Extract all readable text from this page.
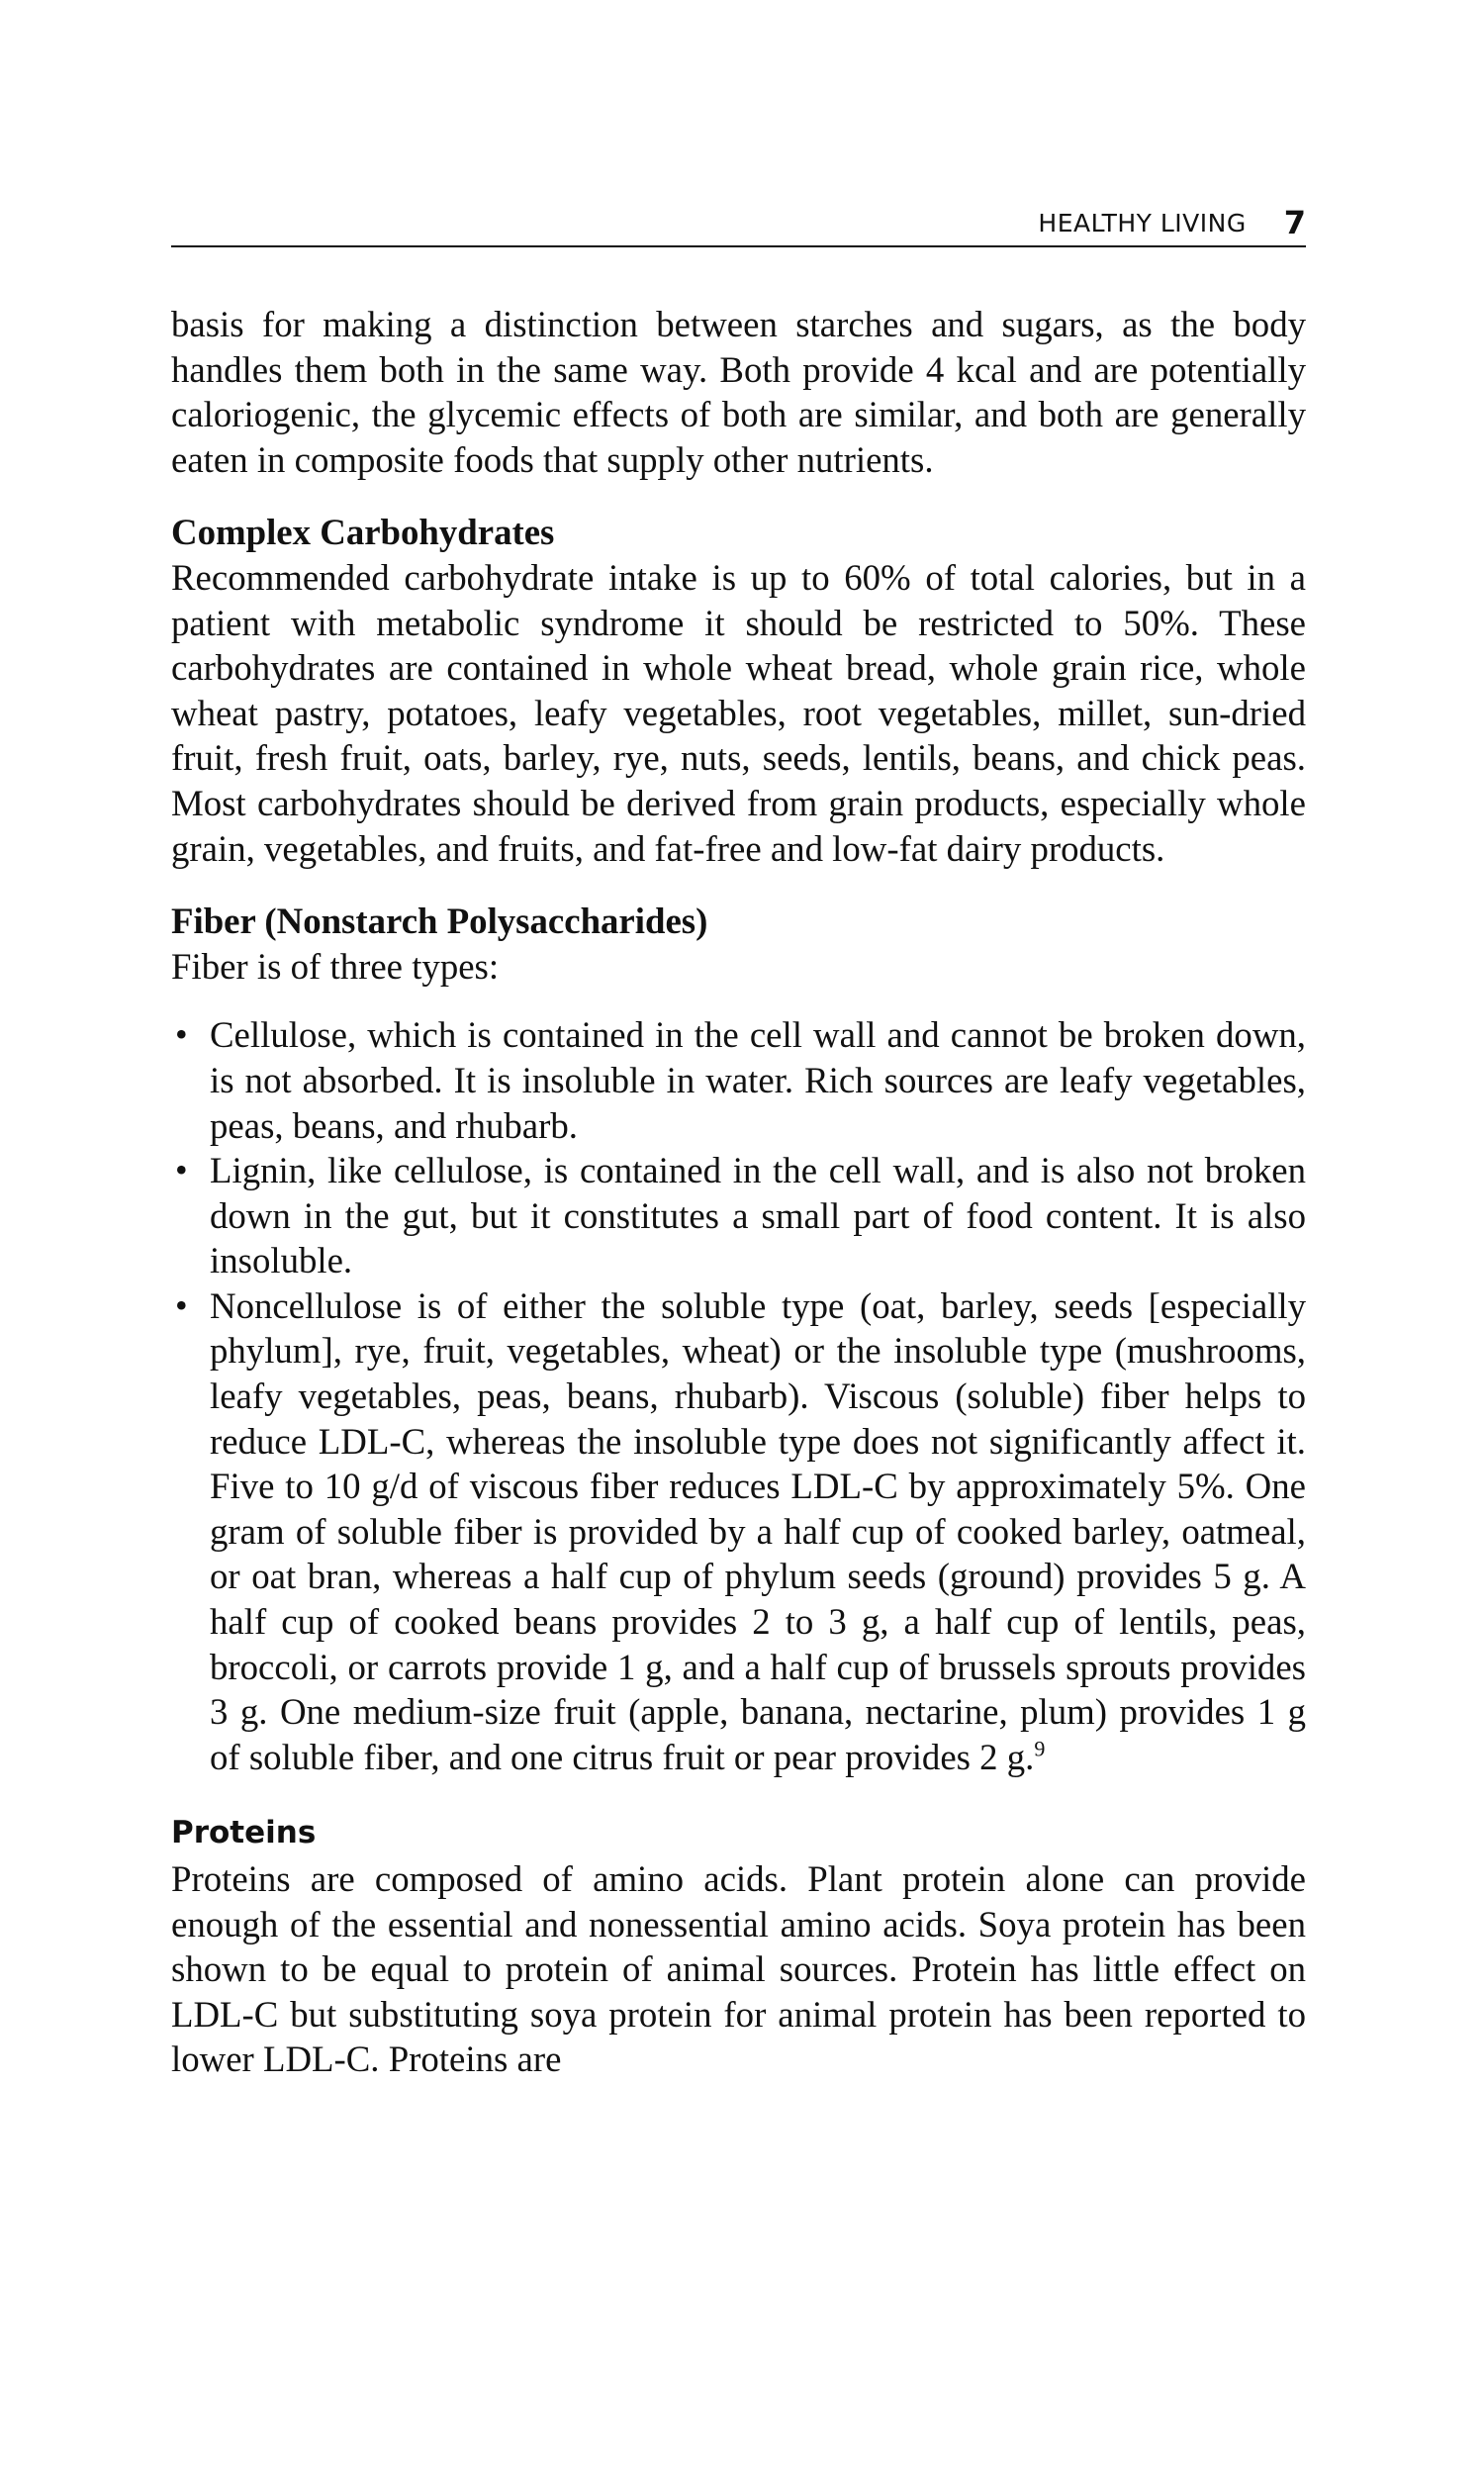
HEALTHY LIVING 7

basis for making a distinction between starches and sugars, as the body handles them both in the same way. Both provide 4 kcal and are potentially caloriogenic, the glycemic effects of both are similar, and both are generally eaten in composite foods that supply other nutrients.

Complex Carbohydrates

Recommended carbohydrate intake is up to 60% of total calories, but in a patient with metabolic syndrome it should be restricted to 50%. These carbohydrates are contained in whole wheat bread, whole grain rice, whole wheat pastry, potatoes, leafy vegetables, root vegetables, millet, sun-dried fruit, fresh fruit, oats, barley, rye, nuts, seeds, lentils, beans, and chick peas. Most carbohydrates should be derived from grain products, especially whole grain, vegetables, and fruits, and fat-free and low-fat dairy products.

Fiber (Nonstarch Polysaccharides)

Fiber is of three types:

• Cellulose, which is contained in the cell wall and cannot be broken down, is not absorbed. It is insoluble in water. Rich sources are leafy vegetables, peas, beans, and rhubarb.
• Lignin, like cellulose, is contained in the cell wall, and is also not broken down in the gut, but it constitutes a small part of food content. It is also insoluble.
• Noncellulose is of either the soluble type (oat, barley, seeds [especially phylum], rye, fruit, vegetables, wheat) or the insoluble type (mushrooms, leafy vegetables, peas, beans, rhubarb). Viscous (soluble) fiber helps to reduce LDL-C, whereas the insoluble type does not significantly affect it. Five to 10 g/d of viscous fiber reduces LDL-C by approximately 5%. One gram of soluble fiber is provided by a half cup of cooked barley, oatmeal, or oat bran, whereas a half cup of phylum seeds (ground) provides 5 g. A half cup of cooked beans provides 2 to 3 g, a half cup of lentils, peas, broccoli, or carrots provide 1 g, and a half cup of brussels sprouts provides 3 g. One medium-size fruit (apple, banana, nectarine, plum) provides 1 g of soluble fiber, and one citrus fruit or pear provides 2 g.$^9$
Proteins

Proteins are composed of amino acids. Plant protein alone can provide enough of the essential and nonessential amino acids. Soya protein has been shown to be equal to protein of animal sources. Protein has little effect on LDL-C but substituting soya protein for animal protein has been reported to lower LDL-C. Proteins are
